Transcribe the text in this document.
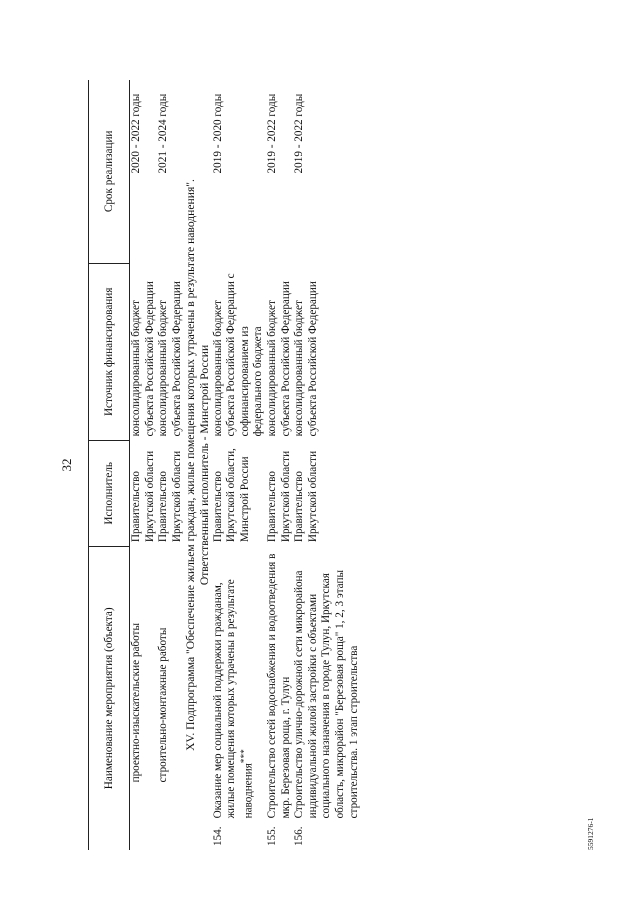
32
Наименование мероприятия (объекта)		Исполнитель	Источник финансирования	Срок реализации
	проектно-изыскательские работы	Правительство Иркутской области	консолидированный бюджет субъекта Российской Федерации	2020 - 2022 годы
	строительно-монтажные работы	Правительство Иркутской области	консолидированный бюджет субъекта Российской Федерации	2021 - 2024 годы

XV. Подпрограмма "Обеспечение жильем граждан, жилые помещения которых утрачены в результате наводнения". Ответственный исполнитель - Минстрой России				

154.	Оказание мер социальной поддержки гражданам, жилые помещения которых утрачены в результате наводнения***	Правительство Иркутской области, Минстрой России	консолидированный бюджет субъекта Российской Федерации с софинансированием из федерального бюджета	2019 - 2020 годы
155.	Строительство сетей водоснабжения и водоотведения в мкр. Березовая роща, г. Тулун	Правительство Иркутской области	консолидированный бюджет субъекта Российской Федерации	2019 - 2022 годы
156.	Строительство улично-дорожной сети микрорайона индивидуальной жилой застройки с объектами социального назначения в городе Тулун, Иркутская область, микрорайон "Березовая роща" 1, 2, 3 этапы строительства. 1 этап строительства	Правительство Иркутской области	консолидированный бюджет субъекта Российской Федерации	2019 - 2022 годы
5591276-1
